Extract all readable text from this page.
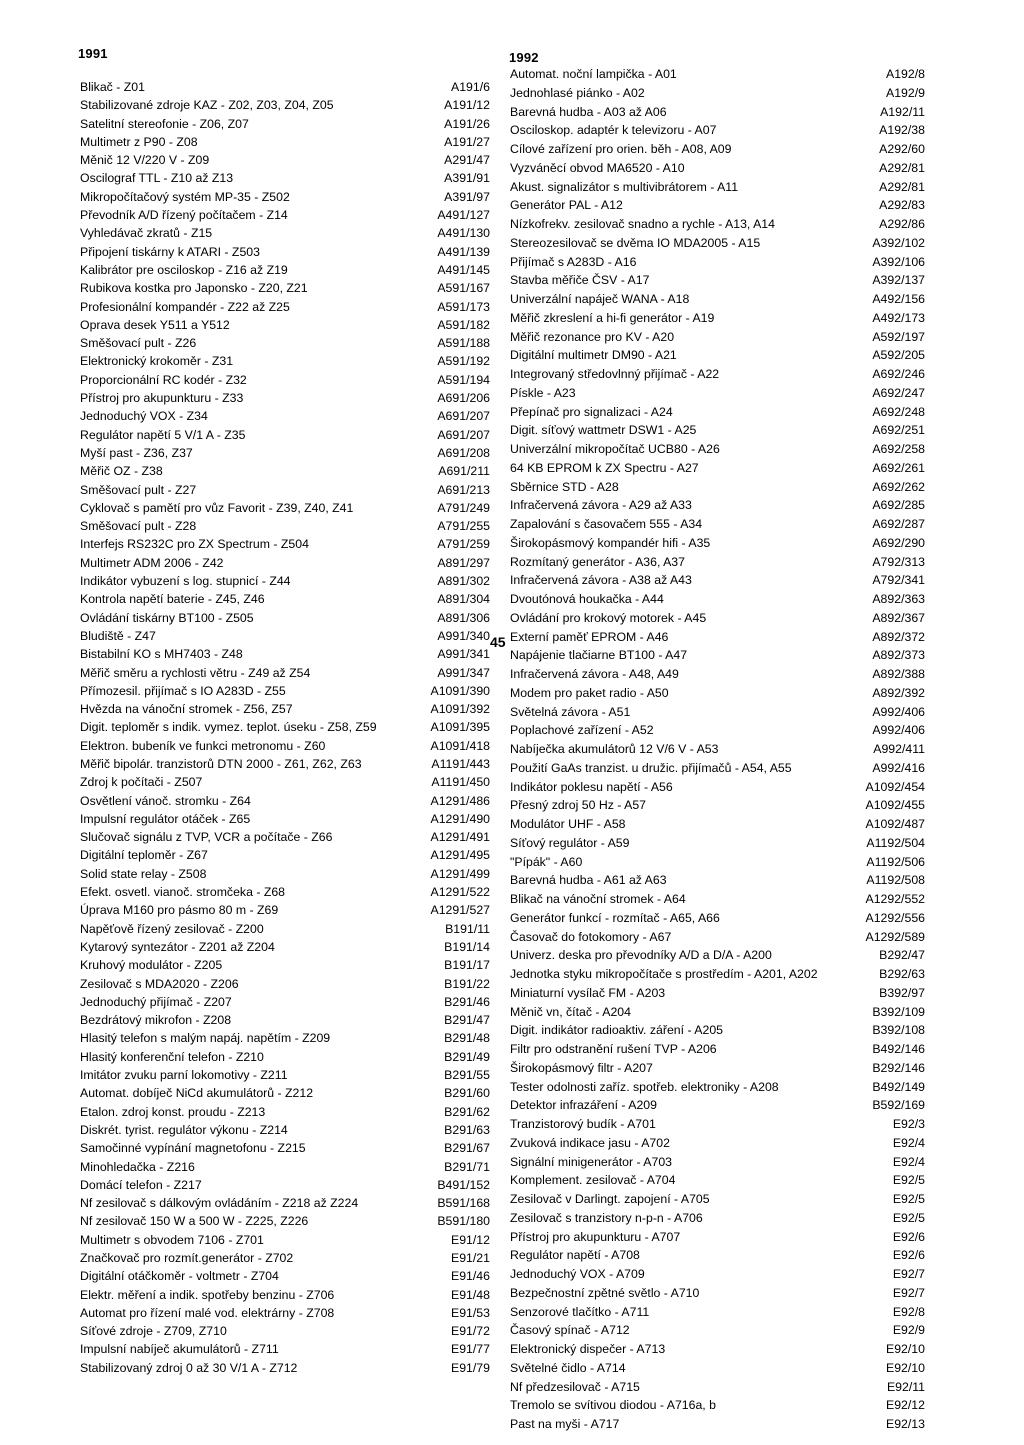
1991
Blikač - Z01	A191/6
Stabilizované zdroje KAZ - Z02, Z03, Z04, Z05	A191/12
Satelitní stereofonie - Z06, Z07	A191/26
Multimetr z P90 - Z08	A191/27
Měnič 12 V/220 V - Z09	A291/47
Oscilograf TTL - Z10 až Z13	A391/91
Mikropočítačový systém MP-35 - Z502	A391/97
Převodník A/D řízený počítačem - Z14	A491/127
Vyhledávač zkratů - Z15	A491/130
Připojení tiskárny k ATARI - Z503	A491/139
Kalibrátor pre osciloskop - Z16 až Z19	A491/145
Rubikova kostka pro Japonsko - Z20, Z21	A591/167
Profesionální kompandér - Z22 až Z25	A591/173
Oprava desek Y511 a Y512	A591/182
Směšovací pult - Z26	A591/188
Elektronický krokoměr - Z31	A591/192
Proporcionální RC kodér - Z32	A591/194
Přístroj pro akupunkturu - Z33	A691/206
Jednoduchý VOX - Z34	A691/207
Regulátor napětí 5 V/1 A - Z35	A691/207
Myší past - Z36, Z37	A691/208
Měřič OZ - Z38	A691/211
Směšovací pult - Z27	A691/213
Cyklovač s pamětí pro vůz Favorit - Z39, Z40, Z41	A791/249
Směšovací pult - Z28	A791/255
Interfejs RS232C pro ZX Spectrum - Z504	A791/259
Multimetr ADM 2006 - Z42	A891/297
Indikátor vybuzení s log. stupnicí - Z44	A891/302
Kontrola napětí baterie - Z45, Z46	A891/304
Ovládání tiskárny BT100 - Z505	A891/306
Bludiště - Z47	A991/340
Bistabilní KO s MH7403 - Z48	A991/341
Měřič směru a rychlosti větru - Z49 až Z54	A991/347
Přímozesil. přijímač s IO A283D - Z55	A1091/390
Hvězda na vánoční stromek - Z56, Z57	A1091/392
Digit. teploměr s indik. vymez. teplot. úseku - Z58, Z59	A1091/395
Elektron. bubeník ve funkci metronomu - Z60	A1091/418
Měřič bipolár. tranzistorů DTN 2000 - Z61, Z62, Z63	A1191/443
Zdroj k počítači - Z507	A1191/450
Osvětlení vánoč. stromku - Z64	A1291/486
Impulsní regulátor otáček - Z65	A1291/490
Slučovač signálu z TVP, VCR a počítače - Z66	A1291/491
Digitální teploměr - Z67	A1291/495
Solid state relay - Z508	A1291/499
Efekt. osvetl. vianoč. stromčeka - Z68	A1291/522
Úprava M160 pro pásmo 80 m - Z69	A1291/527
Napěťově řízený zesilovač - Z200	B191/11
Kytarový syntezátor - Z201 až Z204	B191/14
Kruhový modulátor - Z205	B191/17
Zesilovač s MDA2020 - Z206	B191/22
Jednoduchý přijímač - Z207	B291/46
Bezdrátový mikrofon - Z208	B291/47
Hlasitý telefon s malým napáj. napětím - Z209	B291/48
Hlasitý konferenční telefon - Z210	B291/49
Imitátor zvuku parní lokomotivy - Z211	B291/55
Automat. dobíječ NiCd akumulátorů - Z212	B291/60
Etalon. zdroj konst. proudu - Z213	B291/62
Diskrét. tyrist. regulátor výkonu - Z214	B291/63
Samočinné vypínání magnetofonu - Z215	B291/67
Minohledačka - Z216	B291/71
Domácí telefon - Z217	B491/152
Nf zesilovač s dálkovým ovládáním - Z218 až Z224	B591/168
Nf zesilovač 150 W a 500 W - Z225, Z226	B591/180
Multimetr s obvodem 7106 - Z701	E91/12
Značkovač pro rozmít.generátor - Z702	E91/21
Digitální otáčkoměr - voltmetr - Z704	E91/46
Elektr. měření a indik. spotřeby benzinu - Z706	E91/48
Automat pro řízení malé vod. elektrárny - Z708	E91/53
Síťové zdroje - Z709, Z710	E91/72
Impulsní nabíječ akumulátorů - Z711	E91/77
Stabilizovaný zdroj 0 až 30 V/1 A - Z712	E91/79
1992
Automat. noční lampička - A01	A192/8
Jednohlasé piánko - A02	A192/9
Barevná hudba - A03 až A06	A192/11
Osciloskop. adaptér k televizoru - A07	A192/38
Cílové zařízení pro orien. běh - A08, A09	A292/60
Vyzváněcí obvod MA6520 - A10	A292/81
Akust. signalizátor s multivibrátorem - A11	A292/81
Generátor PAL - A12	A292/83
Nízkofrekv. zesilovač snadno a rychle - A13, A14	A292/86
Stereozesilovač se dvěma IO MDA2005 - A15	A392/102
Přijímač s A283D - A16	A392/106
Stavba měřiče ČSV - A17	A392/137
Univerzální napáječ WANA - A18	A492/156
Měřič zkreslení a hi-fi generátor - A19	A492/173
Měřič rezonance pro KV - A20	A592/197
Digitální multimetr DM90 - A21	A592/205
Integrovaný středovlnný přijímač - A22	A692/246
Pískle - A23	A692/247
Přepínač pro signalizaci - A24	A692/248
Digit. síťový wattmetr DSW1 - A25	A692/251
Univerzální mikropočítač UCB80 - A26	A692/258
64 KB EPROM k ZX Spectru - A27	A692/261
Sběrnice STD - A28	A692/262
Infračervená závora - A29 až A33	A692/285
Zapalování s časovačem 555 - A34	A692/287
Širokopásmový kompandér hifi - A35	A692/290
Rozmítaný generátor - A36, A37	A792/313
Infračervená závora - A38 až A43	A792/341
Dvoutónová houkačka - A44	A892/363
Ovládání pro krokový motorek - A45	A892/367
Externí paměť EPROM - A46	A892/372
Napájenie tlačiarne BT100 - A47	A892/373
Infračervená závora - A48, A49	A892/388
Modem pro paket radio - A50	A892/392
Světelná závora - A51	A992/406
Poplachové zařízení - A52	A992/406
Nabíječka akumulátorů 12 V/6 V - A53	A992/411
Použití GaAs tranzist. u družic. přijímačů - A54, A55	A992/416
Indikátor poklesu napětí - A56	A1092/454
Přesný zdroj 50 Hz - A57	A1092/455
Modulátor UHF - A58	A1092/487
Síťový regulátor - A59	A1192/504
"Pípák" - A60	A1192/506
Barevná hudba - A61 až A63	A1192/508
Blikač na vánoční stromek - A64	A1292/552
Generátor funkcí - rozmítač - A65, A66	A1292/556
Časovač do fotokomory - A67	A1292/589
Univerz. deska pro převodníky A/D a D/A - A200	B292/47
Jednotka styku mikropočítače s prostředím - A201, A202	B292/63
Miniaturní vysílač FM - A203	B392/97
Měnič vn, čítač - A204	B392/109
Digit. indikátor radioaktiv. záření - A205	B392/108
Filtr pro odstranění rušení TVP - A206	B492/146
Širokopásmový filtr - A207	B292/146
Tester odolnosti zaříz. spotřeb. elektroniky - A208	B492/149
Detektor infrazáření - A209	B592/169
Tranzistorový budík - A701	E92/3
Zvuková indikace jasu - A702	E92/4
Signální minigenerátor - A703	E92/4
Komplement. zesilovač - A704	E92/5
Zesilovač v Darlingt. zapojení - A705	E92/5
Zesilovač s tranzistory n-p-n - A706	E92/5
Přístroj pro akupunkturu - A707	E92/6
Regulátor napětí - A708	E92/6
Jednoduchý VOX - A709	E92/7
Bezpečnostní zpětné světlo - A710	E92/7
Senzorové tlačítko - A711	E92/8
Časový spínač - A712	E92/9
Elektronický dispečer - A713	E92/10
Světelné čidlo - A714	E92/10
Nf předzesilovač - A715	E92/11
Tremolo se svítivou diodou - A716a, b	E92/12
Past na myši - A717	E92/13
45
